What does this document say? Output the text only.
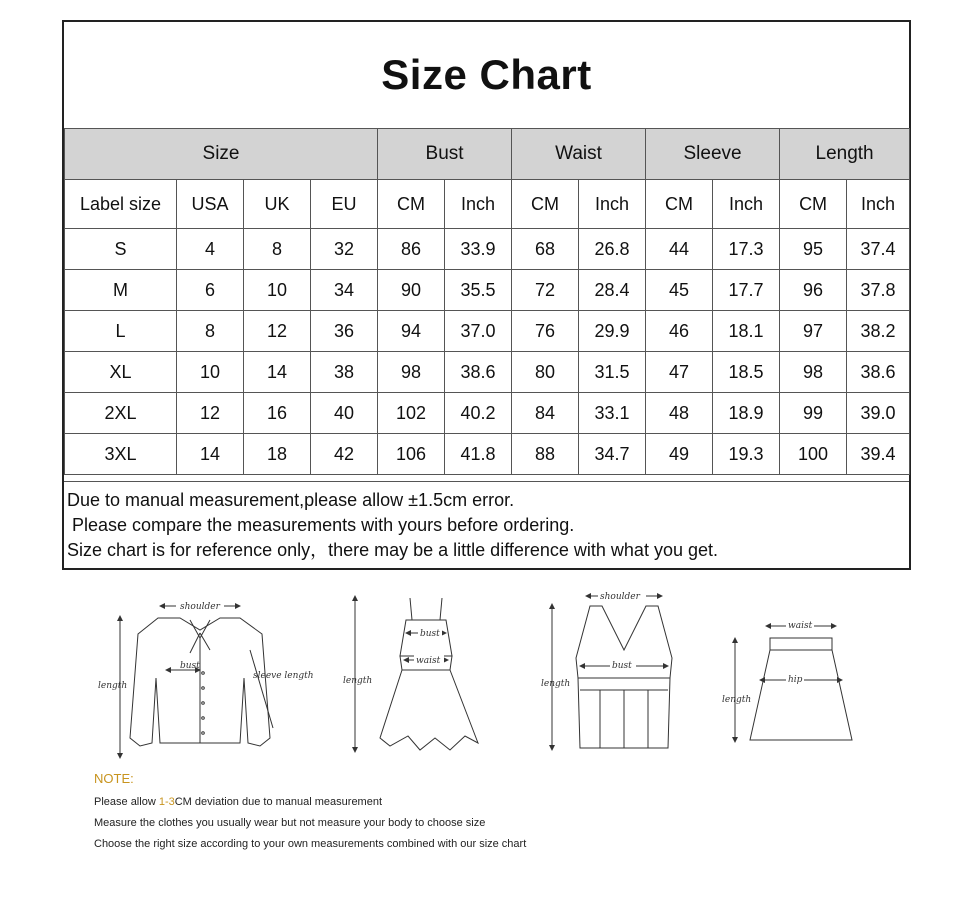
Size Chart
Size				Bust		Waist		Sleeve		Length	
Label size	USA	UK	EU	CM	Inch	CM	Inch	CM	Inch	CM	Inch
S	4	8	32	86	33.9	68	26.8	44	17.3	95	37.4
M	6	10	34	90	35.5	72	28.4	45	17.7	96	37.8
L	8	12	36	94	37.0	76	29.9	46	18.1	97	38.2
XL	10	14	38	98	38.6	80	31.5	47	18.5	98	38.6
2XL	12	16	40	102	40.2	84	33.1	48	18.9	99	39.0
3XL	14	18	42	106	41.8	88	34.7	49	19.3	100	39.4
Due to manual measurement,please allow ±1.5cm error.
Please compare the measurements with yours before ordering.
Size chart is for reference only，there may be a little difference with what you get.
shoulder
length
bust
sleeve length
bust
waist
length
shoulder
bust
length
waist
hip
length
NOTE:
Please allow 1-3CM deviation due to manual measurement
Measure the clothes you usually wear but not measure your body to choose size
Choose the right size according to your own measurements combined with our size chart
